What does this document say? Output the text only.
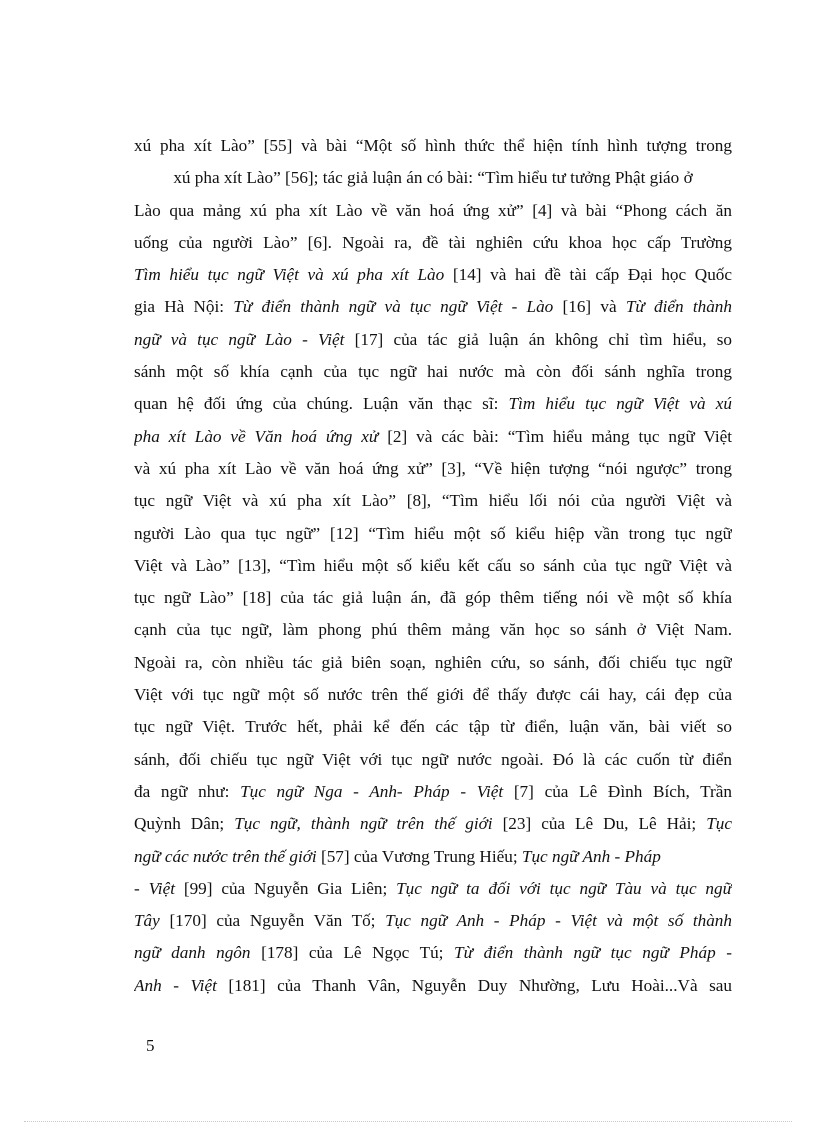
xú pha xít Lào” [55] và bài “Một số hình thức thể hiện tính hình tượng trong
xú pha xít Lào” [56]; tác giả luận án có bài: “Tìm hiểu tư tưởng Phật giáo ở
Lào qua mảng xú pha xít Lào về văn hoá ứng xử” [4] và bài “Phong cách ăn
uống của người Lào” [6]. Ngoài ra, đề tài nghiên cứu khoa học cấp Trường
Tìm hiểu tục ngữ Việt và xú pha xít Lào [14] và hai đề tài cấp Đại học Quốc
gia Hà Nội: Từ điển thành ngữ và tục ngữ Việt - Lào [16] và Từ điển thành
ngữ và tục ngữ Lào - Việt [17] của tác giả luận án không chỉ tìm hiểu, so
sánh một số khía cạnh của tục ngữ hai nước mà còn đối sánh nghĩa trong
quan hệ đối ứng của chúng. Luận văn thạc sĩ: Tìm hiểu tục ngữ Việt và xú
pha xít Lào về Văn hoá ứng xử [2] và các bài: “Tìm hiểu mảng tục ngữ Việt
và xú pha xít Lào về văn hoá ứng xử” [3], “Về hiện tượng “nói ngược” trong
tục ngữ Việt và xú pha xít Lào” [8], “Tìm hiểu lối nói của người Việt và
người Lào qua tục ngữ” [12] “Tìm hiểu một số kiểu hiệp vần trong tục ngữ
Việt và Lào” [13], “Tìm hiểu một số kiểu kết cấu so sánh của tục ngữ Việt và
tục ngữ Lào” [18] của tác giả luận án, đã góp thêm tiếng nói về một số khía
cạnh của tục ngữ, làm phong phú thêm mảng văn học so sánh ở Việt Nam.
Ngoài ra, còn nhiều tác giả biên soạn, nghiên cứu, so sánh, đối chiếu tục ngữ
Việt với tục ngữ một số nước trên thế giới để thấy được cái hay, cái đẹp của
tục ngữ Việt. Trước hết, phải kể đến các tập từ điển, luận văn, bài viết so
sánh, đối chiếu tục ngữ Việt với tục ngữ nước ngoài. Đó là các cuốn từ điển
đa ngữ như: Tục ngữ Nga - Anh- Pháp - Việt [7] của Lê Đình Bích, Trần
Quỳnh Dân; Tục ngữ, thành ngữ trên thế giới [23] của Lê Du, Lê Hải; Tục
ngữ các nước trên thế giới [57] của Vương Trung Hiếu; Tục ngữ Anh - Pháp
- Việt [99] của Nguyễn Gia Liên; Tục ngữ ta đối với tục ngữ Tàu và tục ngữ
Tây [170] của Nguyễn Văn Tố; Tục ngữ Anh - Pháp - Việt và một số thành
ngữ danh ngôn [178] của Lê Ngọc Tú; Từ điển thành ngữ tục ngữ Pháp -
Anh - Việt [181] của Thanh Vân, Nguyễn Duy Nhường, Lưu Hoài...Và sau
5
